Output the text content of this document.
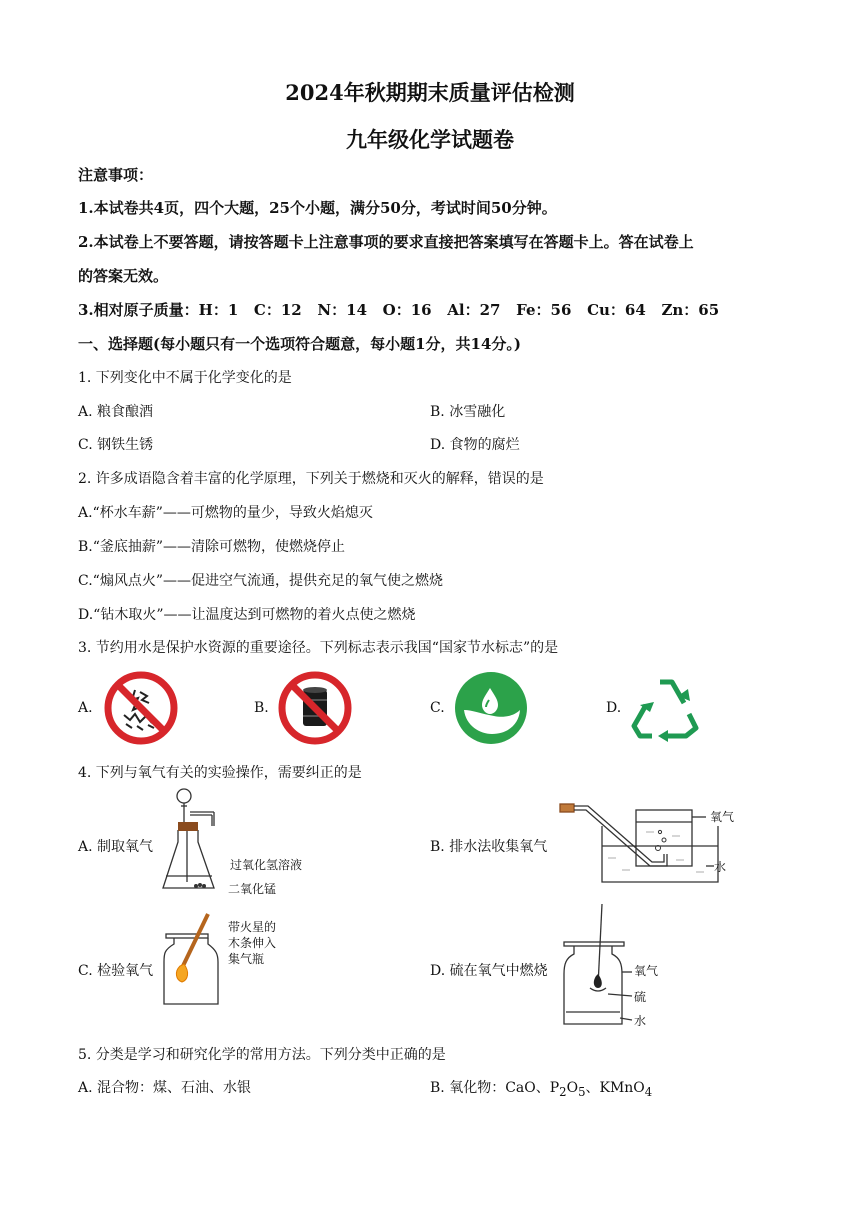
2024年秋期期末质量评估检测
九年级化学试题卷
注意事项：
1.本试卷共4页，四个大题，25个小题，满分50分，考试时间50分钟。
2.本试卷上不要答题，请按答题卡上注意事项的要求直接把答案填写在答题卡上。答在试卷上
的答案无效。
3.相对原子质量：H：1   C：12   N：14   O：16   Al：27   Fe：56   Cu：64   Zn：65
一、选择题(每小题只有一个选项符合题意，每小题1分，共14分。)
1. 下列变化中不属于化学变化的是
A. 粮食酿酒	B. 冰雪融化
C. 钢铁生锈	D. 食物的腐烂
2. 许多成语隐含着丰富的化学原理，下列关于燃烧和灭火的解释，错误的是
A.“杯水车薪”——可燃物的量少，导致火焰熄灭
B.“釜底抽薪”——清除可燃物，使燃烧停止
C.“煽风点火”——促进空气流通，提供充足的氧气使之燃烧
D.“钻木取火”——让温度达到可燃物的着火点使之燃烧
3. 节约用水是保护水资源的重要途径。下列标志表示我国“国家节水标志”的是
A.	B.	C.	D.
4. 下列与氧气有关的实验操作，需要纠正的是
A. 制取氧气	B. 排水法收集氧气
C. 检验氧气	D. 硫在氧气中燃烧
过氧化氢溶液
二氧化锰
氧气
水
带火星的
木条伸入
集气瓶
氧气
硫
水
5. 分类是学习和研究化学的常用方法。下列分类中正确的是
A. 混合物：煤、石油、水银	B. 氧化物：CaO、$P_2O_5$、KMnO$_4$
